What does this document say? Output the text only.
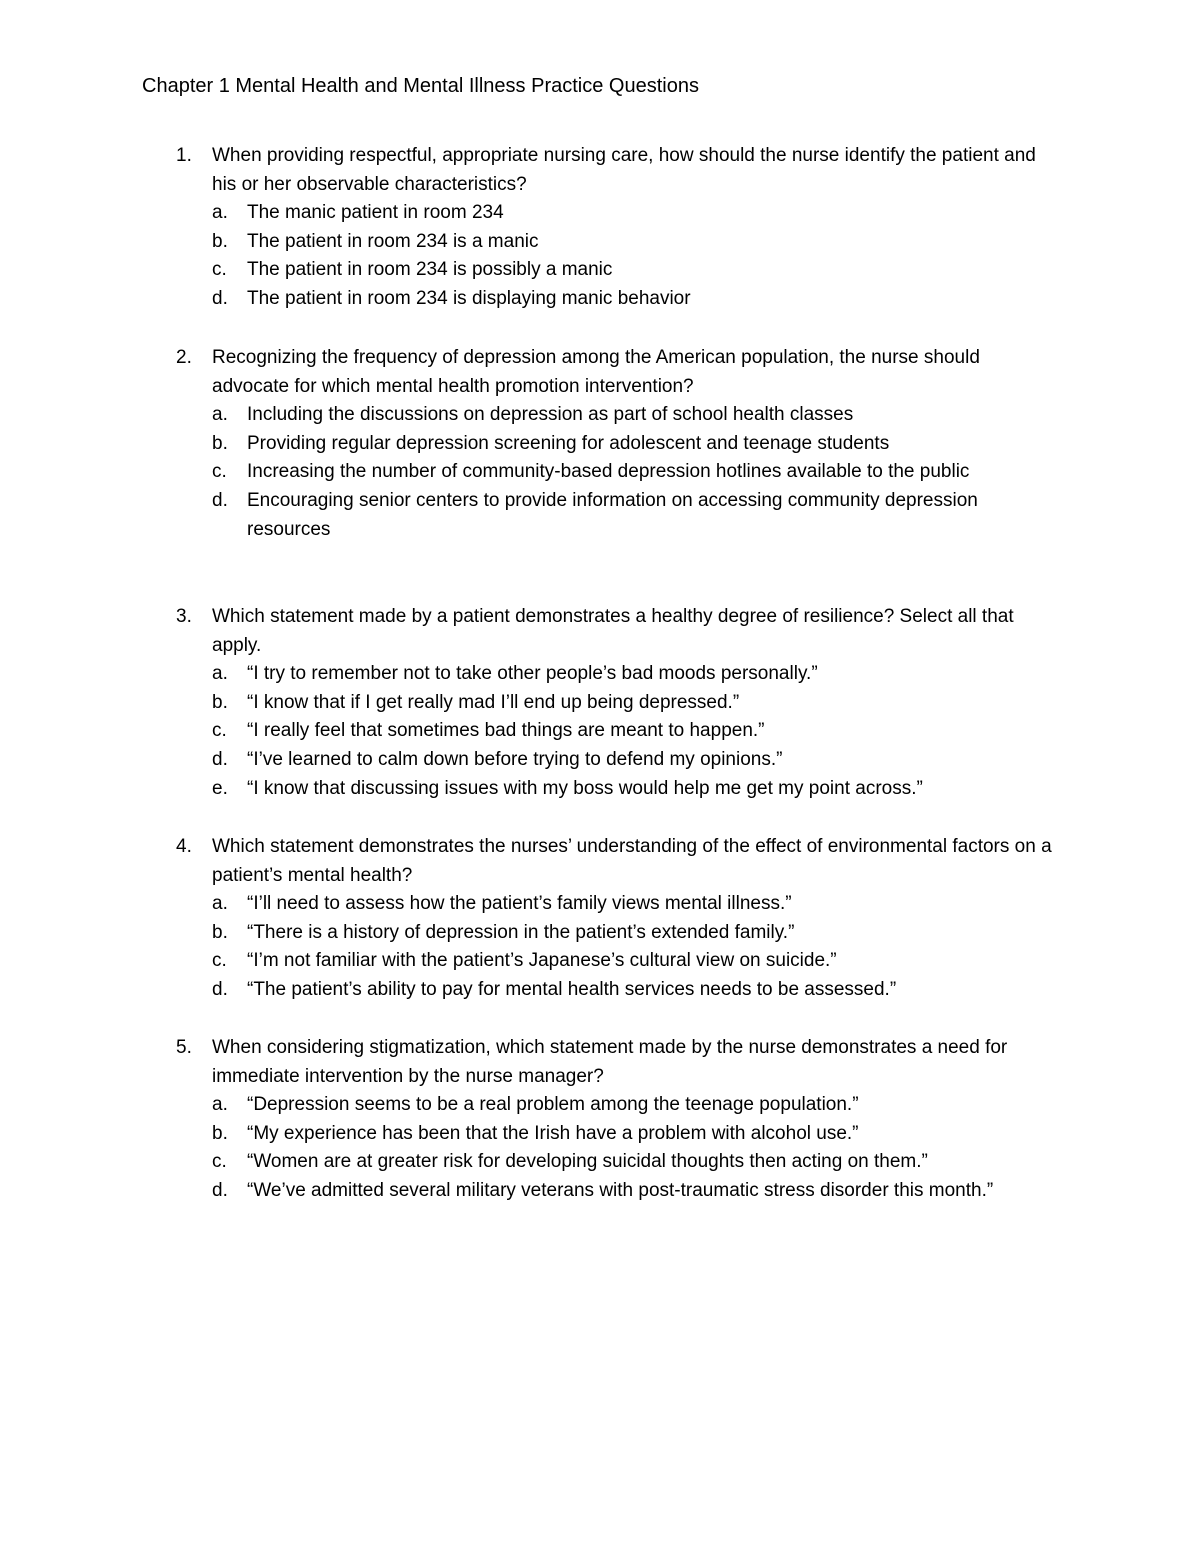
Chapter 1 Mental Health and Mental Illness Practice Questions
1. When providing respectful, appropriate nursing care, how should the nurse identify the patient and his or her observable characteristics?
a. The manic patient in room 234
b. The patient in room 234 is a manic
c. The patient in room 234 is possibly a manic
d. The patient in room 234 is displaying manic behavior
2. Recognizing the frequency of depression among the American population, the nurse should advocate for which mental health promotion intervention?
a. Including the discussions on depression as part of school health classes
b. Providing regular depression screening for adolescent and teenage students
c. Increasing the number of community-based depression hotlines available to the public
d. Encouraging senior centers to provide information on accessing community depression resources
3. Which statement made by a patient demonstrates a healthy degree of resilience? Select all that apply.
a. “I try to remember not to take other people’s bad moods personally.”
b. “I know that if I get really mad I’ll end up being depressed.”
c. “I really feel that sometimes bad things are meant to happen.”
d. “I’ve learned to calm down before trying to defend my opinions.”
e. “I know that discussing issues with my boss would help me get my point across.”
4. Which statement demonstrates the nurses’ understanding of the effect of environmental factors on a patient’s mental health?
a. “I’ll need to assess how the patient’s family views mental illness.”
b. “There is a history of depression in the patient’s extended family.”
c. “I’m not familiar with the patient’s Japanese’s cultural view on suicide.”
d. “The patient’s ability to pay for mental health services needs to be assessed.”
5. When considering stigmatization, which statement made by the nurse demonstrates a need for immediate intervention by the nurse manager?
a. “Depression seems to be a real problem among the teenage population.”
b. “My experience has been that the Irish have a problem with alcohol use.”
c. “Women are at greater risk for developing suicidal thoughts then acting on them.”
d. “We’ve admitted several military veterans with post-traumatic stress disorder this month.”
